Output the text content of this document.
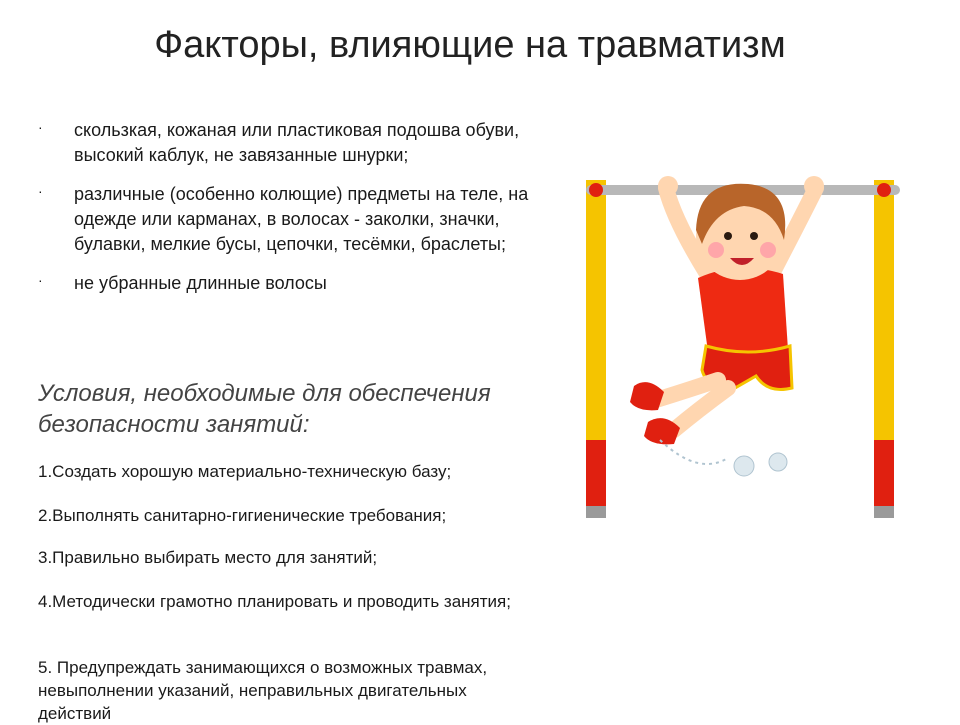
Факторы, влияющие на травматизм
· скользкая, кожаная или пластиковая подошва обуви, высокий каблук, не завязанные шнурки;
· различные (особенно колющие) предметы на теле, на одежде или карманах, в волосах - заколки, значки, булавки, мелкие бусы, цепочки, тесёмки, браслеты;
· не убранные длинные волосы
Условия, необходимые для обеспечения безопасности занятий:
1.Создать хорошую материально-техническую базу;
2.Выполнять санитарно-гигиенические требования;
3.Правильно выбирать место для занятий;
4.Методически грамотно планировать и проводить занятия;
5. Предупреждать занимающихся о возможных травмах, невыполнении указаний, неправильных двигательных действий
